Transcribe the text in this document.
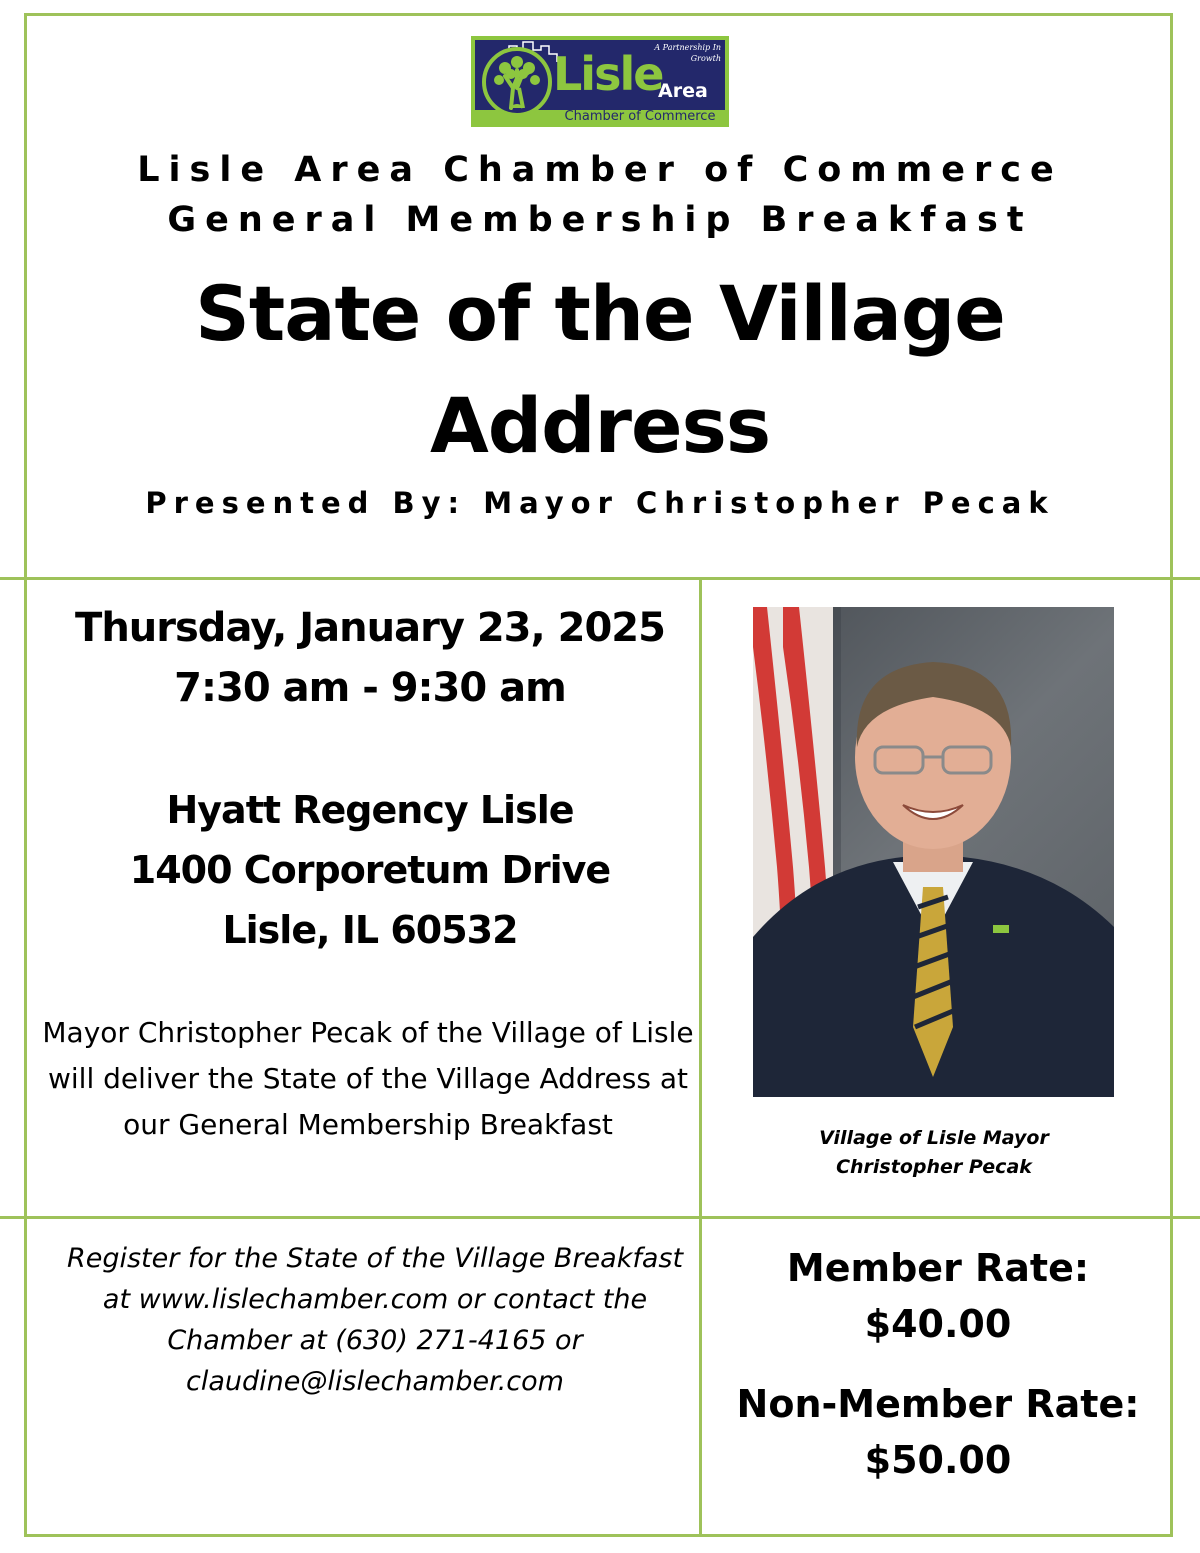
A Partnership In Growth
Lisle
Area
Chamber of Commerce
Lisle Area Chamber of Commerce
General Membership Breakfast
State of the Village
Address
Presented By: Mayor Christopher Pecak
Thursday, January 23, 2025
7:30 am - 9:30 am
Hyatt Regency Lisle
1400 Corporetum Drive
Lisle, IL 60532
Mayor Christopher Pecak of the Village of Lisle will deliver the State of the Village Address at our General Membership Breakfast	Village of Lisle Mayor
Christopher Pecak
Register for the State of the Village Breakfast at www.lislechamber.com or contact the Chamber at (630) 271-4165 or claudine@lislechamber.com
Member Rate:
$40.00
Non-Member Rate:
$50.00
